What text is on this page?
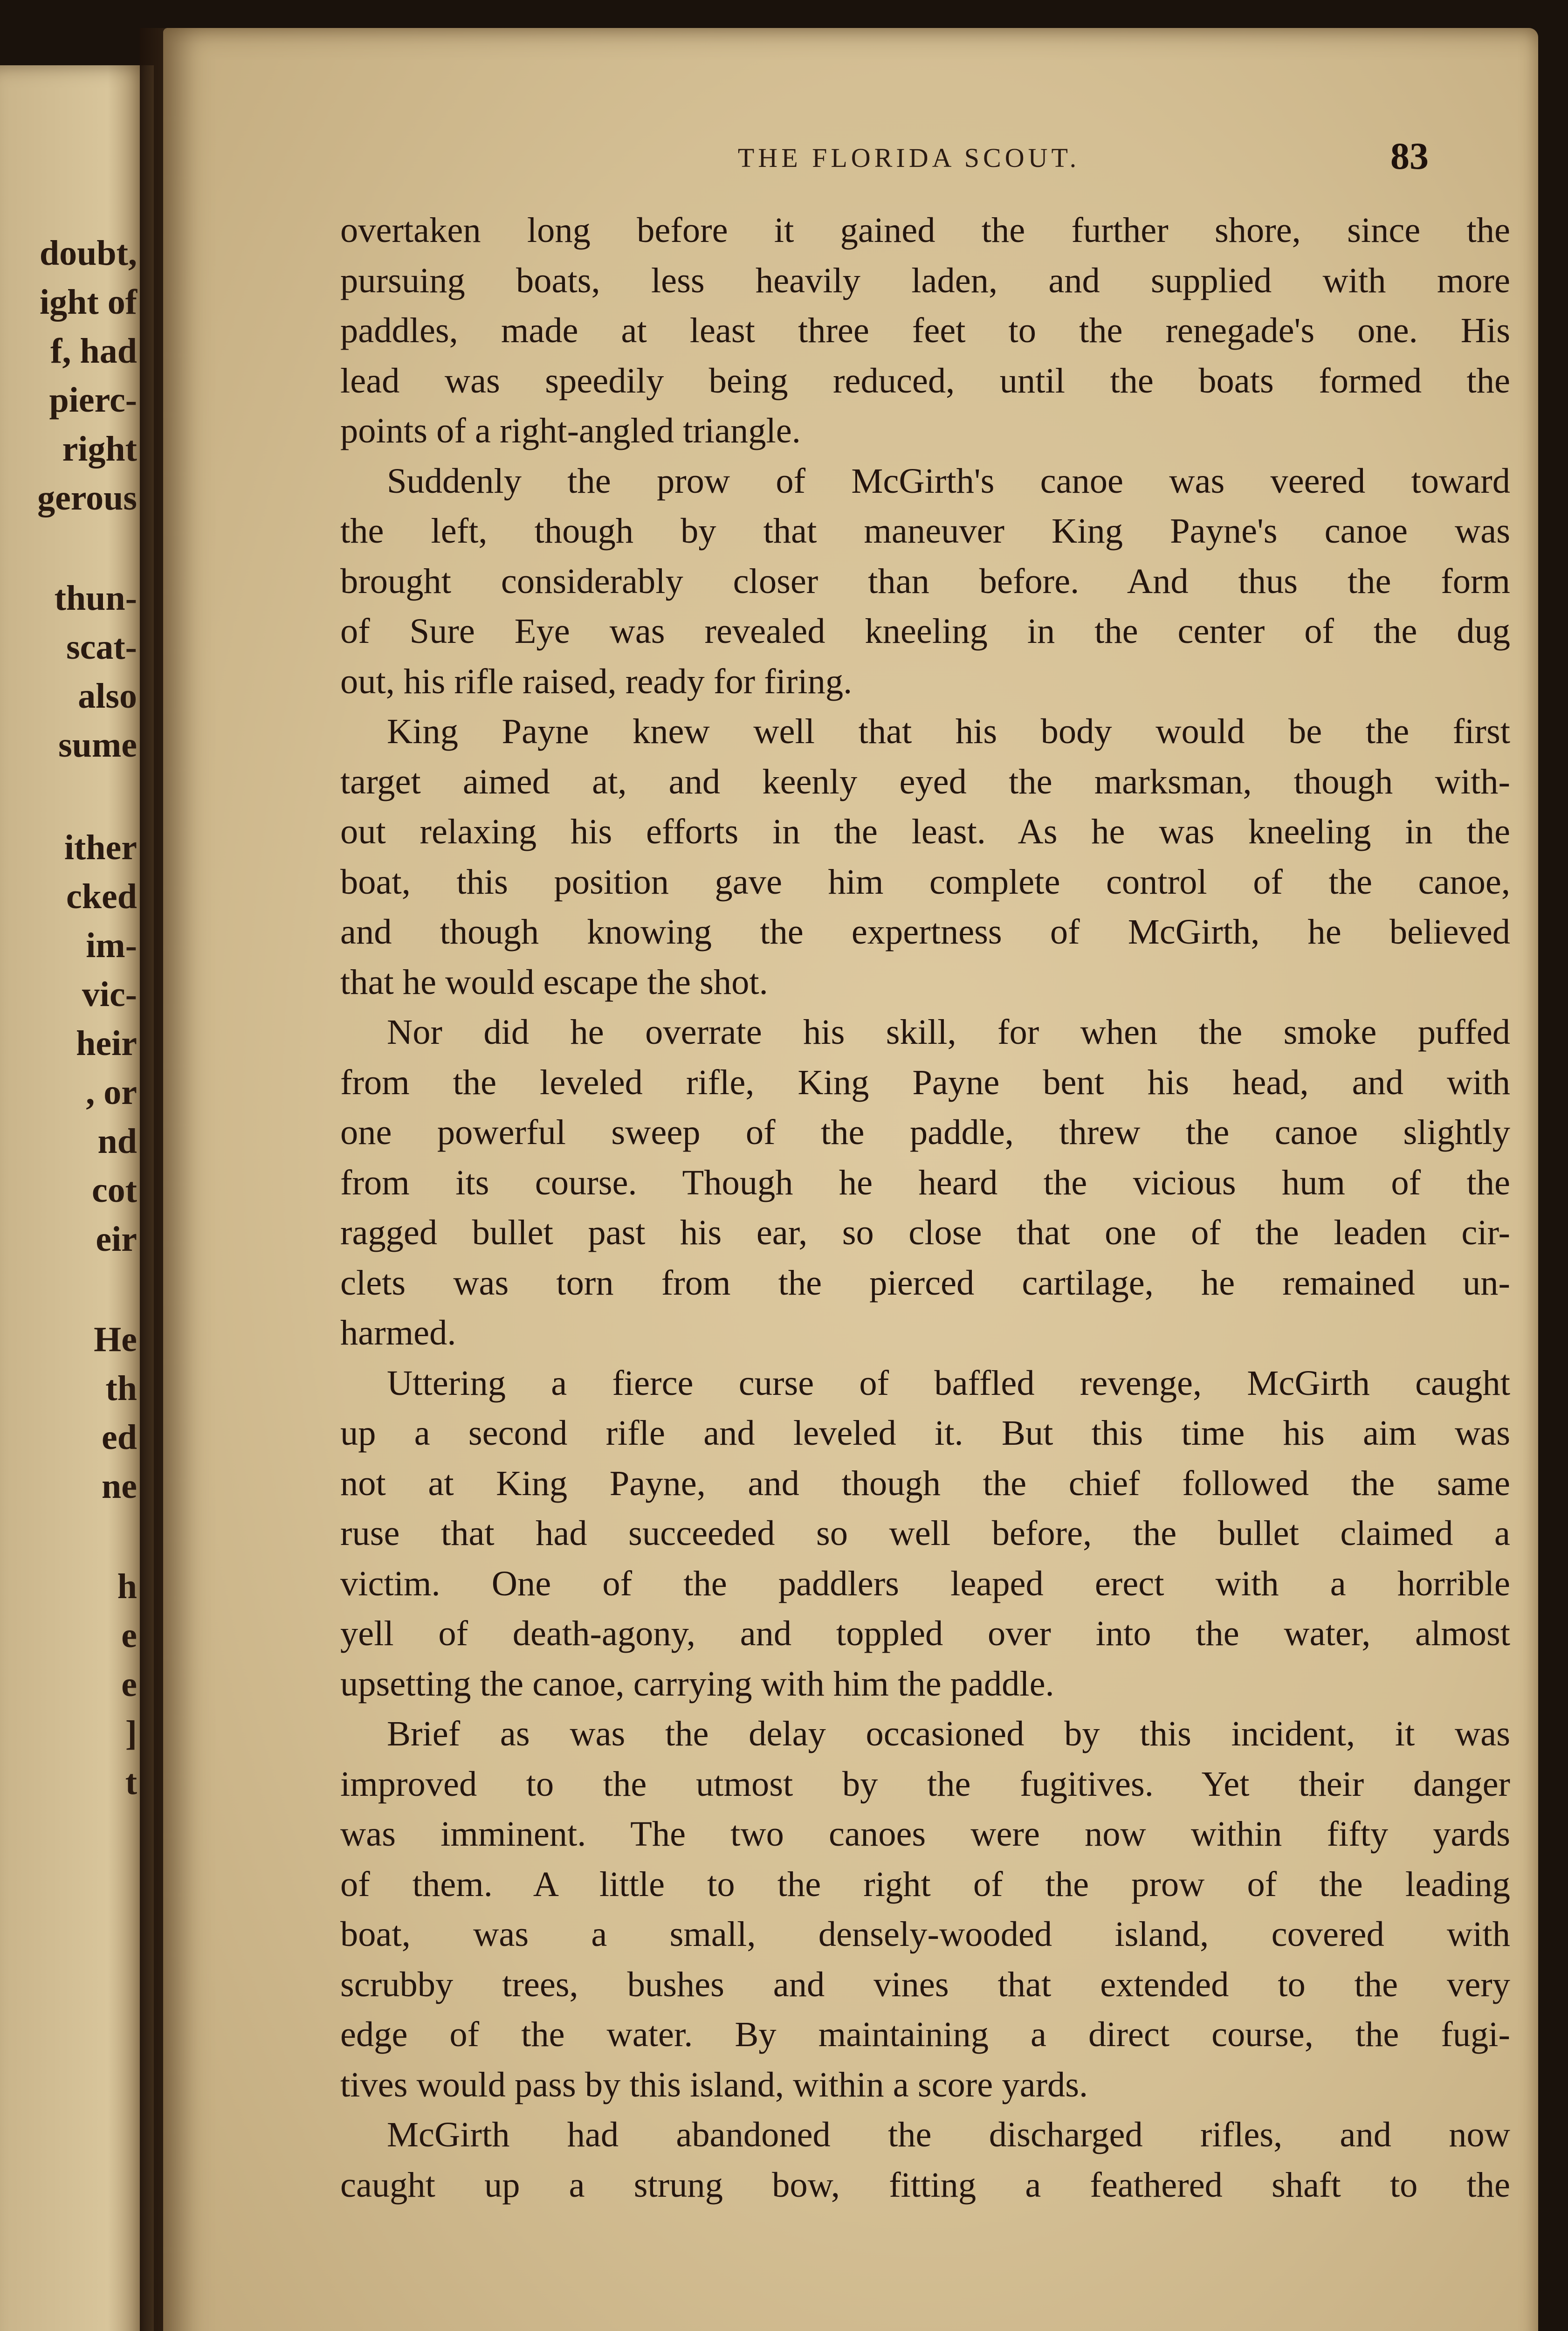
doubt,
ight of
f, had
pierc-
right
gerous
thun-
scat-
also
sume
ither
cked
im-
vic-
heir
, or
nd
cot
eir
He
th
ed
ne
h
e
e
]
t
THE FLORIDA SCOUT.	83
overtaken long before it gained the further shore, since the
pursuing boats, less heavily laden, and supplied with more
paddles, made at least three feet to the renegade's one. His
lead was speedily being reduced, until the boats formed the
points of a right-angled triangle.
Suddenly the prow of McGirth's canoe was veered toward
the left, though by that maneuver King Payne's canoe was
brought considerably closer than before. And thus the form
of Sure Eye was revealed kneeling in the center of the dug
out, his rifle raised, ready for firing.
King Payne knew well that his body would be the first
target aimed at, and keenly eyed the marksman, though with-
out relaxing his efforts in the least. As he was kneeling in the
boat, this position gave him complete control of the canoe,
and though knowing the expertness of McGirth, he believed
that he would escape the shot.
Nor did he overrate his skill, for when the smoke puffed
from the leveled rifle, King Payne bent his head, and with
one powerful sweep of the paddle, threw the canoe slightly
from its course. Though he heard the vicious hum of the
ragged bullet past his ear, so close that one of the leaden cir-
clets was torn from the pierced cartilage, he remained un-
harmed.
Uttering a fierce curse of baffled revenge, McGirth caught
up a second rifle and leveled it. But this time his aim was
not at King Payne, and though the chief followed the same
ruse that had succeeded so well before, the bullet claimed a
victim. One of the paddlers leaped erect with a horrible
yell of death-agony, and toppled over into the water, almost
upsetting the canoe, carrying with him the paddle.
Brief as was the delay occasioned by this incident, it was
improved to the utmost by the fugitives. Yet their danger
was imminent. The two canoes were now within fifty yards
of them. A little to the right of the prow of the leading
boat, was a small, densely-wooded island, covered with
scrubby trees, bushes and vines that extended to the very
edge of the water. By maintaining a direct course, the fugi-
tives would pass by this island, within a score yards.
McGirth had abandoned the discharged rifles, and now
caught up a strung bow, fitting a feathered shaft to the
